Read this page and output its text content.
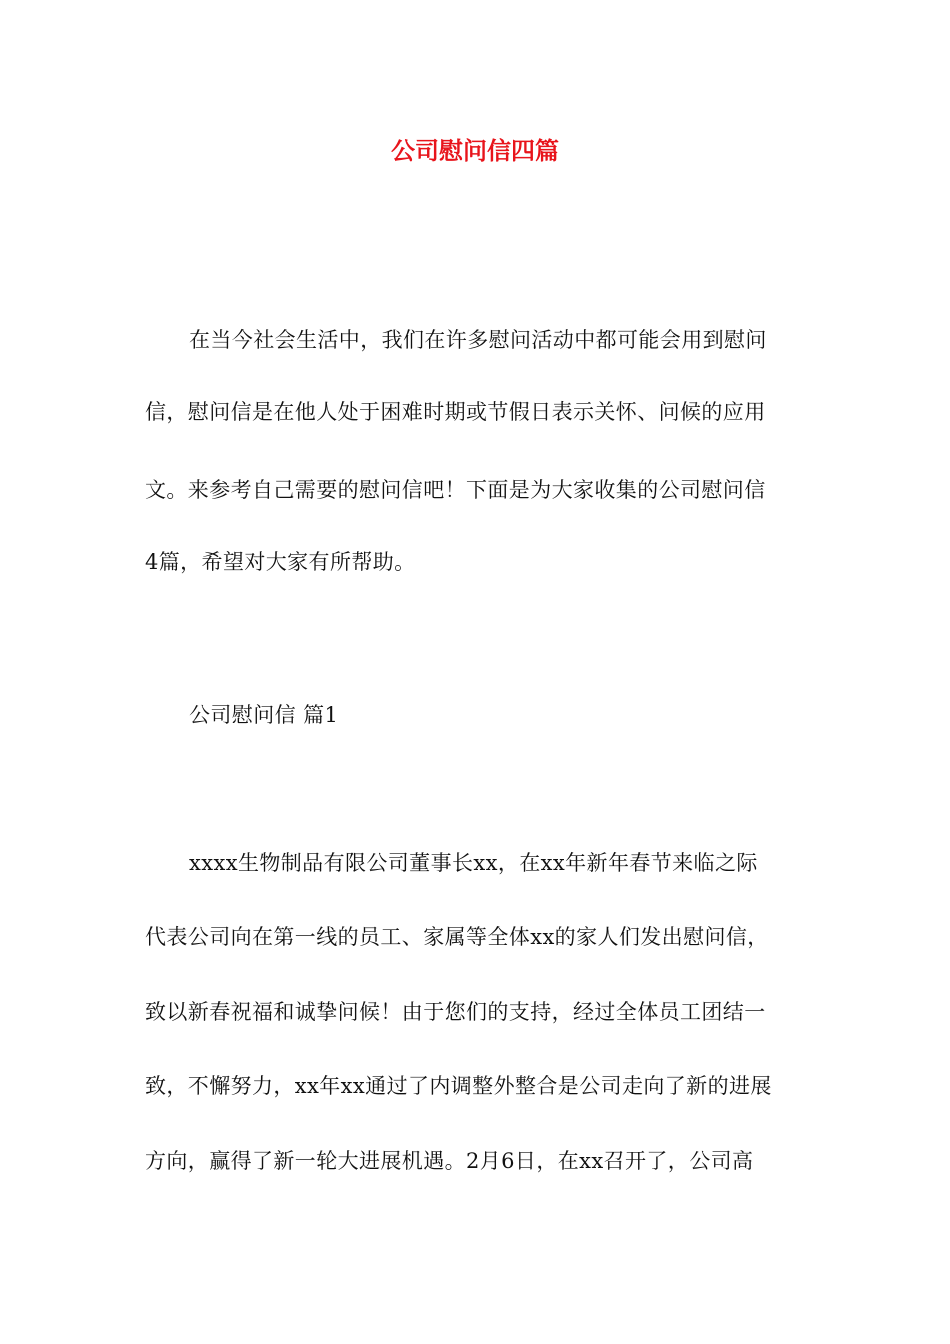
公司慰问信四篇
在当今社会生活中，我们在许多慰问活动中都可能会用到慰问
信，慰问信是在他人处于困难时期或节假日表示关怀、问候的应用
文。来参考自己需要的慰问信吧！下面是为大家收集的公司慰问信
4篇，希望对大家有所帮助。
公司慰问信 篇1
xxxx生物制品有限公司董事长xx，在xx年新年春节来临之际
代表公司向在第一线的员工、家属等全体xx的家人们发出慰问信，
致以新春祝福和诚挚问候！由于您们的支持，经过全体员工团结一
致，不懈努力，xx年xx通过了内调整外整合是公司走向了新的进展
方向，赢得了新一轮大进展机遇。2月6日，在xx召开了，公司高
